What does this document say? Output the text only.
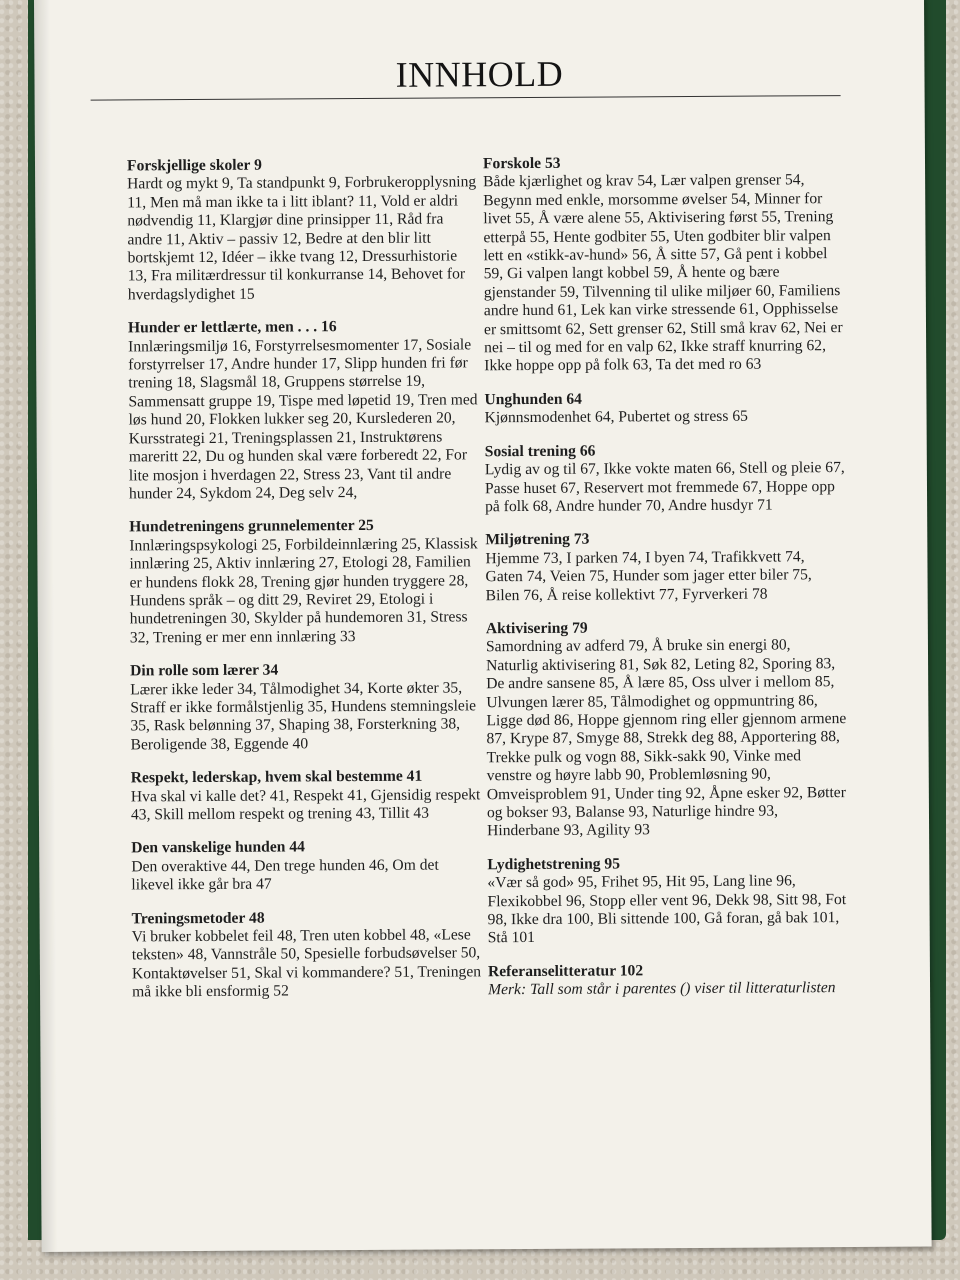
INNHOLD
Forskjellige skoler 9
Hardt og mykt 9, Ta standpunkt 9, Forbrukeropplysning 11, Men må man ikke ta i litt iblant? 11, Vold er aldri nødvendig 11, Klargjør dine prinsipper 11, Råd fra andre 11, Aktiv – passiv 12, Bedre at den blir litt bortskjemt 12, Idéer – ikke tvang 12, Dressurhistorie 13, Fra militærdressur til konkurranse 14, Behovet for hverdagslydighet 15
Hunder er lettlærte, men . . . 16
Innlæringsmiljø 16, Forstyrrelsesmomenter 17, Sosiale forstyrrelser 17, Andre hunder 17, Slipp hunden fri før trening 18, Slagsmål 18, Gruppens størrelse 19, Sammensatt gruppe 19, Tispe med løpetid 19, Tren med løs hund 20, Flokken lukker seg 20, Kurslederen 20, Kursstrategi 21, Treningsplassen 21, Instruktørens mareritt 22, Du og hunden skal være forberedt 22, For lite mosjon i hverdagen 22, Stress 23, Vant til andre hunder 24, Sykdom 24, Deg selv 24,
Hundetreningens grunnelementer 25
Innlæringspsykologi 25, Forbildeinnlæring 25, Klassisk innlæring 25, Aktiv innlæring 27, Etologi 28, Familien er hundens flokk 28, Trening gjør hunden tryggere 28, Hundens språk – og ditt 29, Reviret 29, Etologi i hundetreningen 30, Skylder på hundemoren 31, Stress 32, Trening er mer enn innlæring 33
Din rolle som lærer 34
Lærer ikke leder 34, Tålmodighet 34, Korte økter 35, Straff er ikke formålstjenlig 35, Hundens stemningsleie 35, Rask belønning 37, Shaping 38, Forsterkning 38, Beroligende 38, Eggende 40
Respekt, lederskap, hvem skal bestemme 41
Hva skal vi kalle det? 41, Respekt 41, Gjensidig respekt 43, Skill mellom respekt og trening 43, Tillit 43
Den vanskelige hunden 44
Den overaktive 44, Den trege hunden 46, Om det likevel ikke går bra 47
Treningsmetoder 48
Vi bruker kobbelet feil 48, Tren uten kobbel 48, «Lese teksten» 48, Vannstråle 50, Spesielle forbudsøvelser 50, Kontaktøvelser 51, Skal vi kommandere? 51, Treningen må ikke bli ensformig 52
Forskole 53
Både kjærlighet og krav 54, Lær valpen grenser 54, Begynn med enkle, morsomme øvelser 54, Minner for livet 55, Å være alene 55, Aktivisering først 55, Trening etterpå 55, Hente godbiter 55, Uten godbiter blir valpen lett en «stikk-av-hund» 56, Å sitte 57, Gå pent i kobbel 59, Gi valpen langt kobbel 59, Å hente og bære gjenstander 59, Tilvenning til ulike miljøer 60, Familiens andre hund 61, Lek kan virke stressende 61, Opphisselse er smittsomt 62, Sett grenser 62, Still små krav 62, Nei er nei – til og med for en valp 62, Ikke straff knurring 62, Ikke hoppe opp på folk 63, Ta det med ro 63
Unghunden 64
Kjønnsmodenhet 64, Pubertet og stress 65
Sosial trening 66
Lydig av og til 67, Ikke vokte maten 66, Stell og pleie 67, Passe huset 67, Reservert mot fremmede 67, Hoppe opp på folk 68, Andre hunder 70, Andre husdyr 71
Miljøtrening 73
Hjemme 73, I parken 74, I byen 74, Trafikkvett 74, Gaten 74, Veien 75, Hunder som jager etter biler 75, Bilen 76, Å reise kollektivt 77, Fyrverkeri 78
Aktivisering 79
Samordning av adferd 79, Å bruke sin energi 80, Naturlig aktivisering 81, Søk 82, Leting 82, Sporing 83, De andre sansene 85, Å lære 85, Oss ulver i mellom 85, Ulvungen lærer 85, Tålmodighet og oppmuntring 86, Ligge død 86, Hoppe gjennom ring eller gjennom armene 87, Krype 87, Smyge 88, Strekk deg 88, Apportering 88, Trekke pulk og vogn 88, Sikk-sakk 90, Vinke med venstre og høyre labb 90, Problemløsning 90, Omveisproblem 91, Under ting 92, Åpne esker 92, Bøtter og bokser 93, Balanse 93, Naturlige hindre 93, Hinderbane 93, Agility 93
Lydighetstrening 95
«Vær så god» 95, Frihet 95, Hit 95, Lang line 96, Flexikobbel 96, Stopp eller vent 96, Dekk 98, Sitt 98, Fot 98, Ikke dra 100, Bli sittende 100, Gå foran, gå bak 101, Stå 101
Referanselitteratur 102
Merk: Tall som står i parentes () viser til litteraturlisten
